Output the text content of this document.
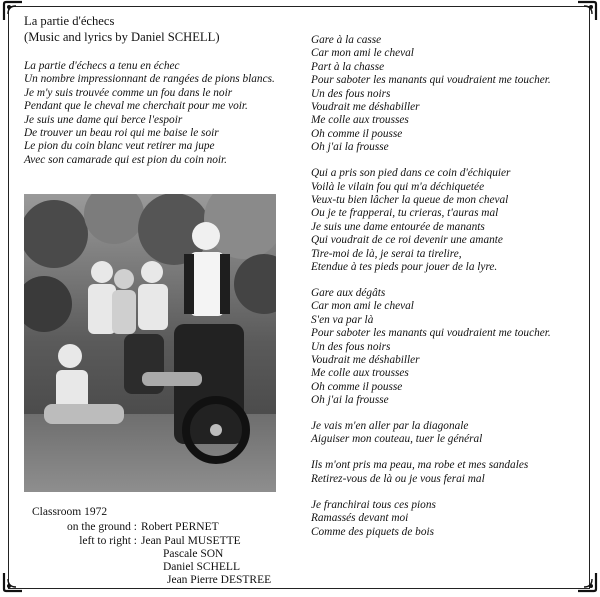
La partie d'échecs
(Music and lyrics by Daniel SCHELL)
La partie d'échecs a tenu en échec
Un nombre impressionnant de rangées de pions blancs.
Je m'y suis trouvée comme un fou dans le noir
Pendant que le cheval me cherchait pour me voir.
Je suis une dame qui berce l'espoir
De trouver un beau roi qui me baise le soir
Le pion du coin blanc veut retirer ma jupe
Avec son camarade qui est pion du coin noir.
Classroom 1972
on the ground : Robert PERNET
left to right : Jean Paul MUSETTE
Pascale SON
Daniel SCHELL
Jean Pierre DESTREE
Gare à la casse
Car mon ami le cheval
Part à la chasse
Pour saboter les manants qui voudraient me toucher.
Un des fous noirs
Voudrait me déshabiller
Me colle aux trousses
Oh comme il pousse
Oh j'ai la frousse
Qui a pris son pied dans ce coin d'échiquier
Voilà le vilain fou qui m'a déchiquetée
Veux-tu bien lâcher la queue de mon cheval
Ou je te frapperai, tu crieras, t'auras mal
Je suis une dame entourée de manants
Qui voudrait de ce roi devenir une amante
Tire-moi de là, je serai ta tirelire,
Etendue à tes pieds pour jouer de la lyre.
Gare aux dégâts
Car mon ami le cheval
S'en va par là
Pour saboter les manants qui voudraient me toucher.
Un des fous noirs
Voudrait me déshabiller
Me colle aux trousses
Oh comme il pousse
Oh j'ai la frousse
Je vais m'en aller par la diagonale
Aiguiser mon couteau, tuer le général
Ils m'ont pris ma peau, ma robe et mes sandales
Retirez-vous de là ou je vous ferai mal
Je franchirai tous ces pions
Ramassés devant moi
Comme des piquets de bois
